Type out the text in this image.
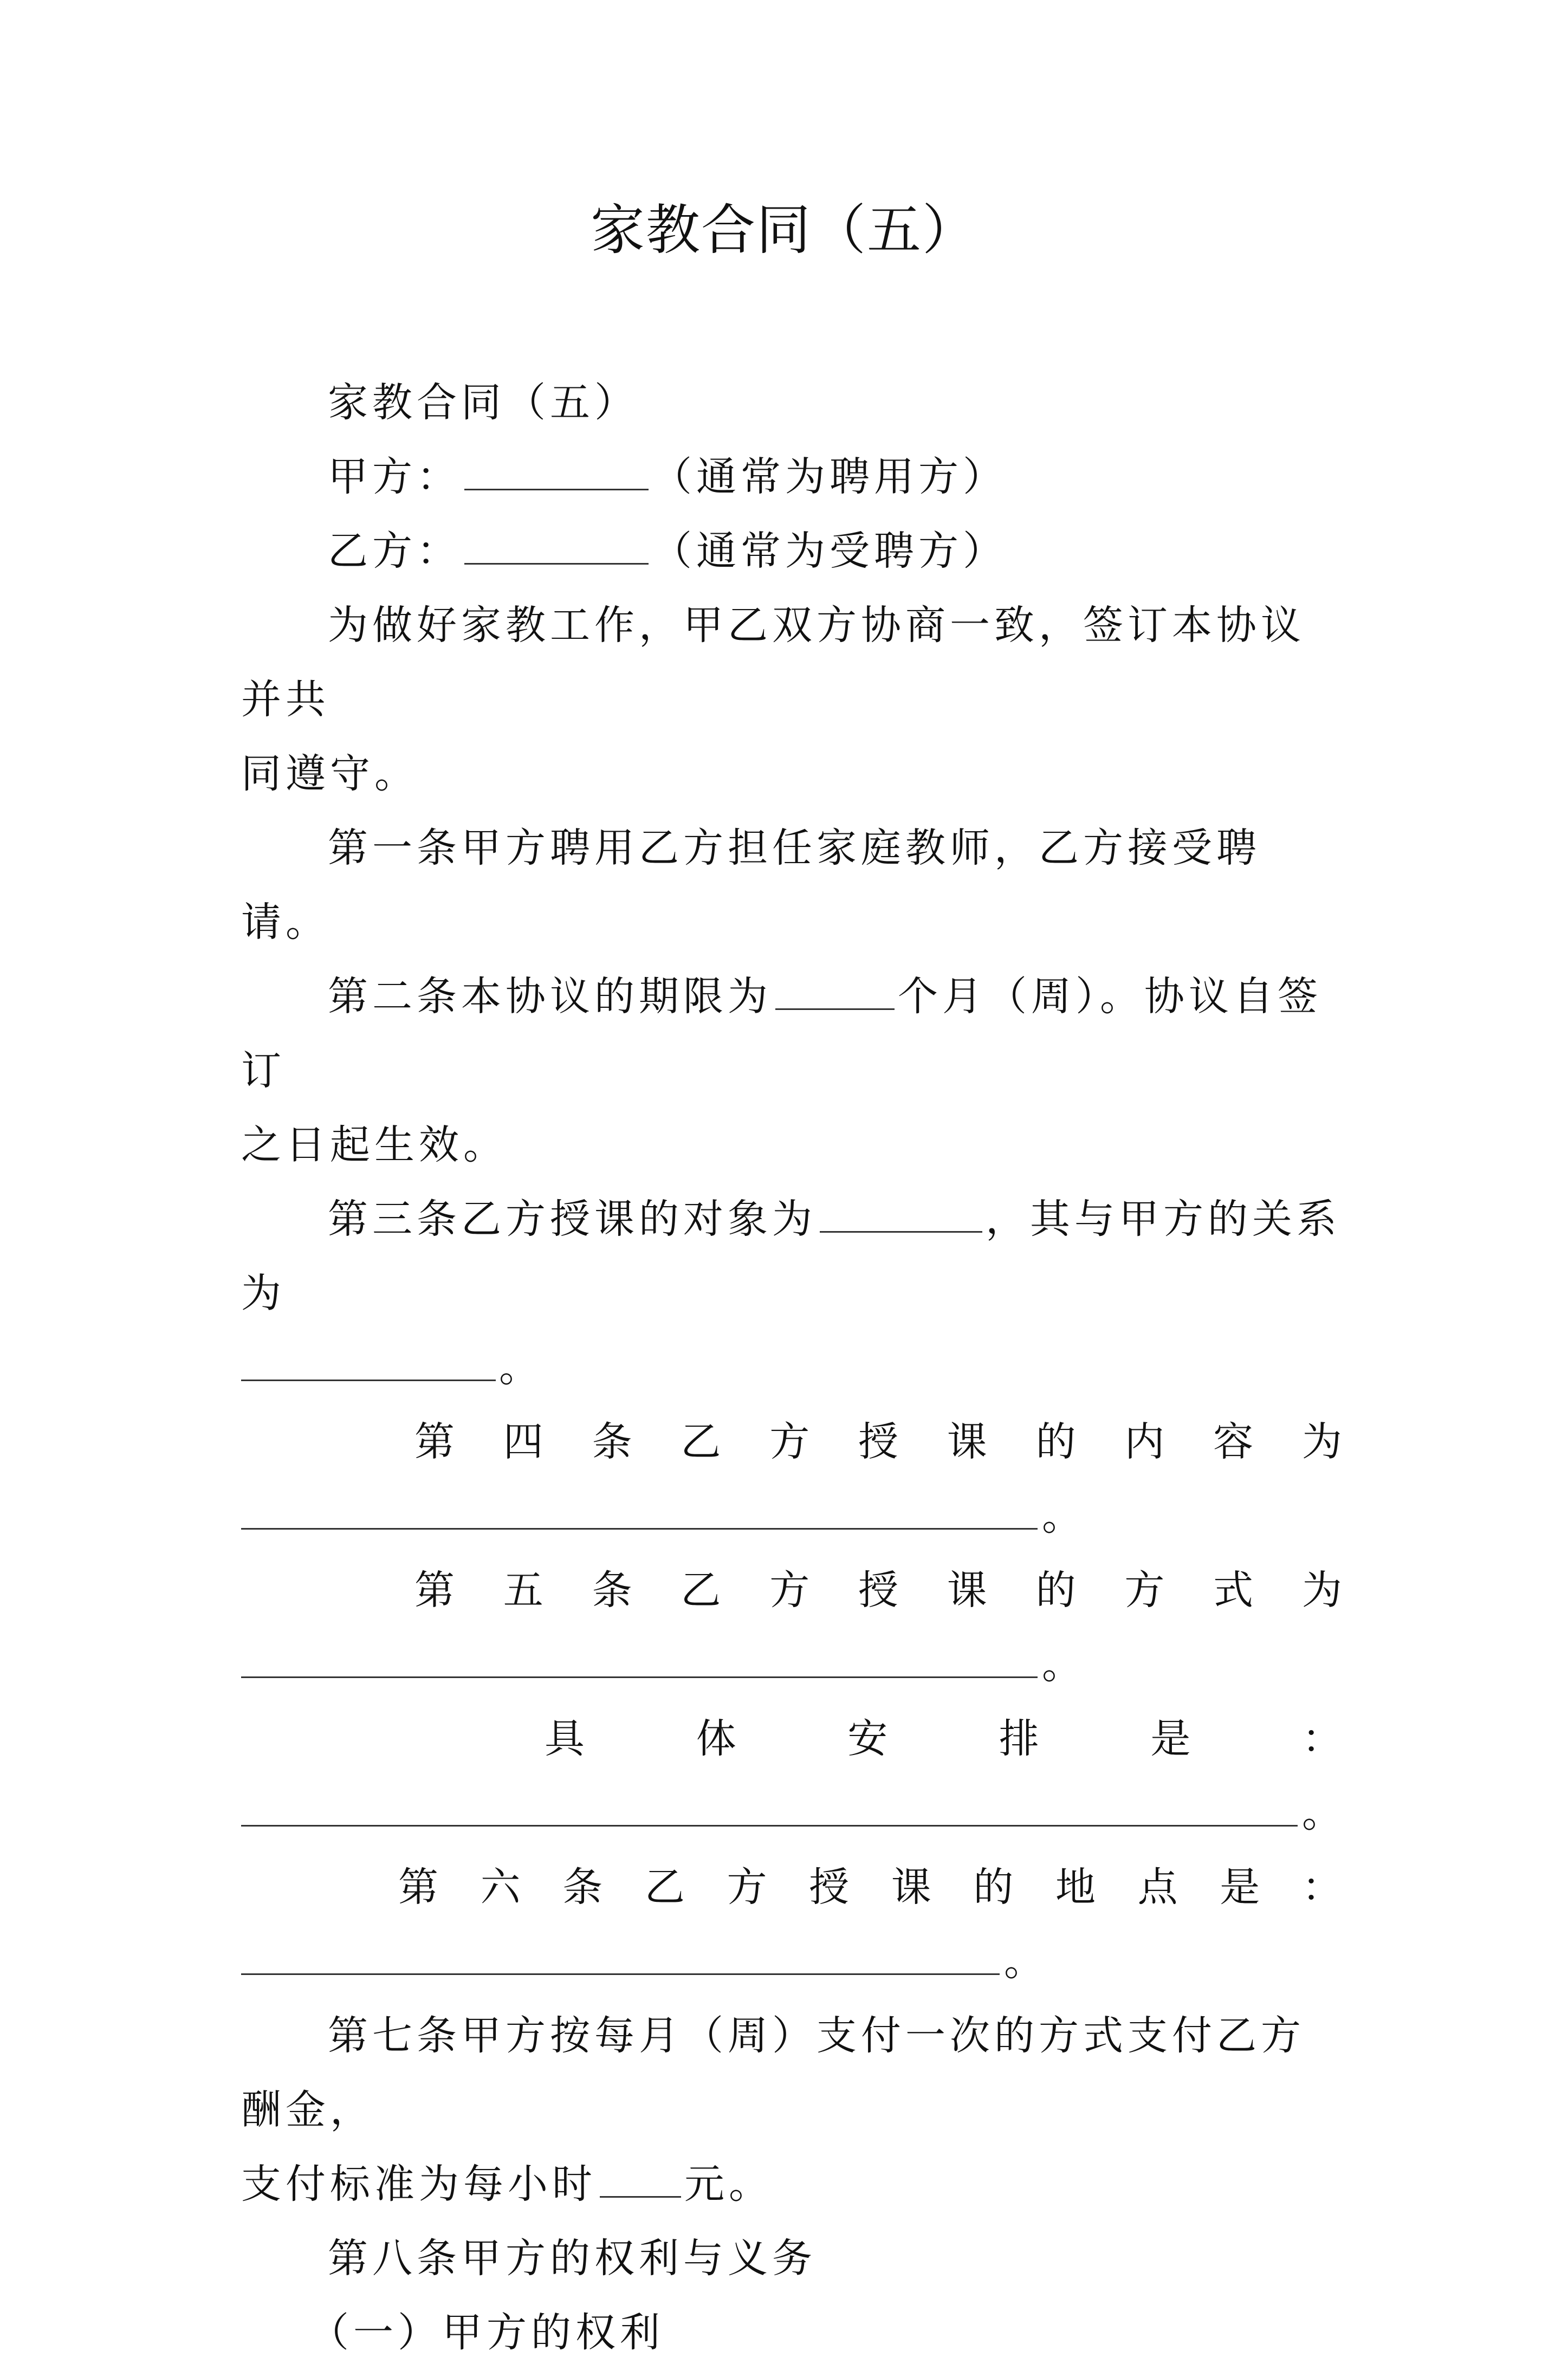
家教合同（五）

家教合同（五）

甲方：	（通常为聘用方）

乙方：	（通常为受聘方）

为做好家教工作，甲乙双方协商一致，签订本协议并共

同遵守。

第一条甲方聘用乙方担任家庭教师，乙方接受聘请。

第二条本协议的期限为	个月（周）。协议自签订

之日起生效。

第三条乙方授课的对象为	，其与甲方的关系为

。

第 四 条 乙 方 授 课 的 内 容 为
。
第 五 条 乙 方 授 课 的 方 式 为
。
具	体	安	排	是	：
。
第 六 条 乙 方 授 课 的 地 点 是 ：
。

第七条甲方按每月（周）支付一次的方式支付乙方酬金，

支付标准为每小时 元。

第八条甲方的权利与义务

（一）甲方的权利
